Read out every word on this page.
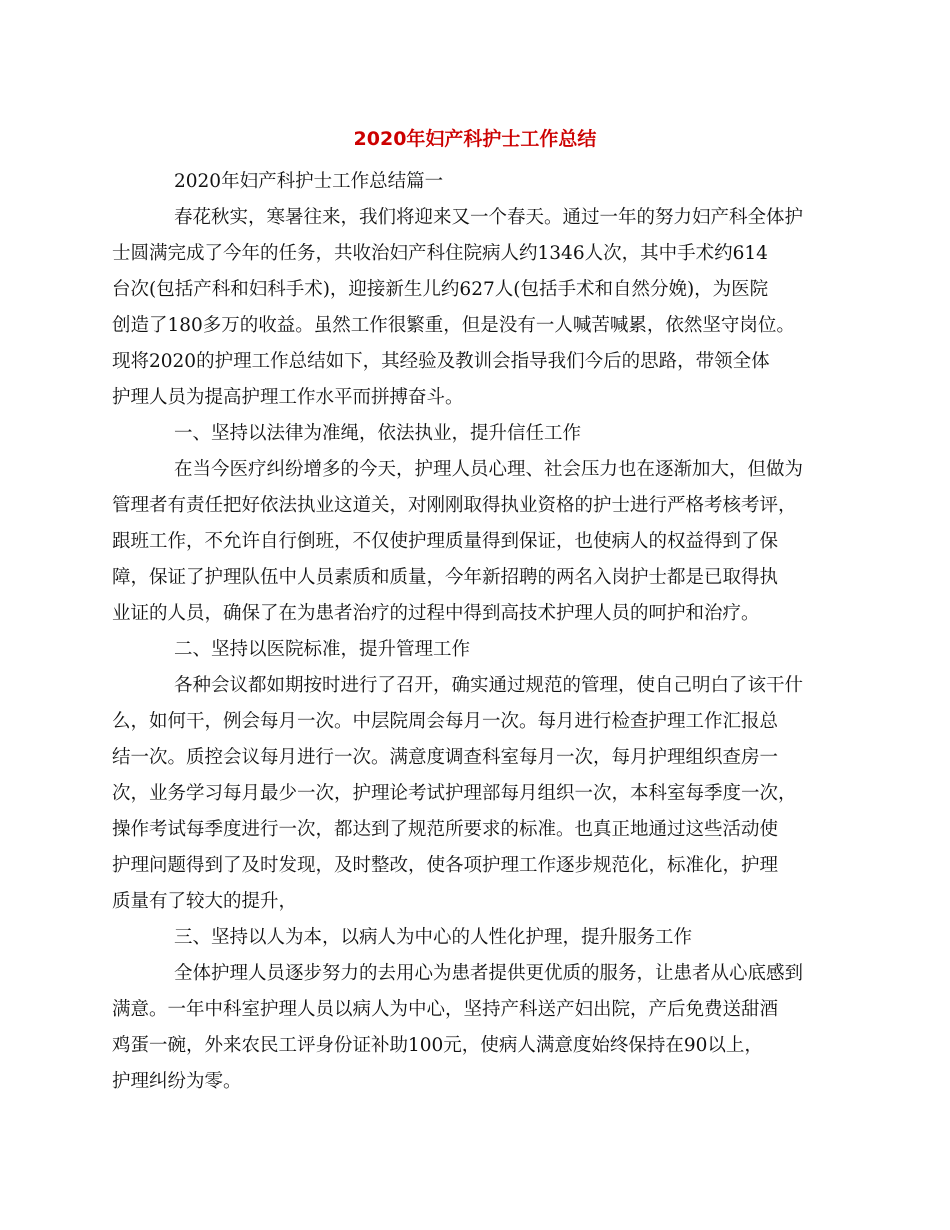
2020年妇产科护士工作总结
2020年妇产科护士工作总结篇一
春花秋实，寒暑往来，我们将迎来又一个春天。通过一年的努力妇产科全体护
士圆满完成了今年的任务，共收治妇产科住院病人约1346人次，其中手术约614
台次(包括产科和妇科手术)，迎接新生儿约627人(包括手术和自然分娩)，为医院
创造了180多万的收益。虽然工作很繁重，但是没有一人喊苦喊累，依然坚守岗位。
现将2020的护理工作总结如下，其经验及教训会指导我们今后的思路，带领全体
护理人员为提高护理工作水平而拼搏奋斗。
一、坚持以法律为准绳，依法执业，提升信任工作
在当今医疗纠纷增多的今天，护理人员心理、社会压力也在逐渐加大，但做为
管理者有责任把好依法执业这道关，对刚刚取得执业资格的护士进行严格考核考评，
跟班工作，不允许自行倒班，不仅使护理质量得到保证，也使病人的权益得到了保
障，保证了护理队伍中人员素质和质量，今年新招聘的两名入岗护士都是已取得执
业证的人员，确保了在为患者治疗的过程中得到高技术护理人员的呵护和治疗。
二、坚持以医院标准，提升管理工作
各种会议都如期按时进行了召开，确实通过规范的管理，使自己明白了该干什
么，如何干，例会每月一次。中层院周会每月一次。每月进行检查护理工作汇报总
结一次。质控会议每月进行一次。满意度调查科室每月一次，每月护理组织查房一
次，业务学习每月最少一次，护理论考试护理部每月组织一次，本科室每季度一次，
操作考试每季度进行一次，都达到了规范所要求的标准。也真正地通过这些活动使
护理问题得到了及时发现，及时整改，使各项护理工作逐步规范化，标准化，护理
质量有了较大的提升，
三、坚持以人为本，以病人为中心的人性化护理，提升服务工作
全体护理人员逐步努力的去用心为患者提供更优质的服务，让患者从心底感到
满意。一年中科室护理人员以病人为中心，坚持产科送产妇出院，产后免费送甜酒
鸡蛋一碗，外来农民工评身份证补助100元，使病人满意度始终保持在90以上，
护理纠纷为零。
